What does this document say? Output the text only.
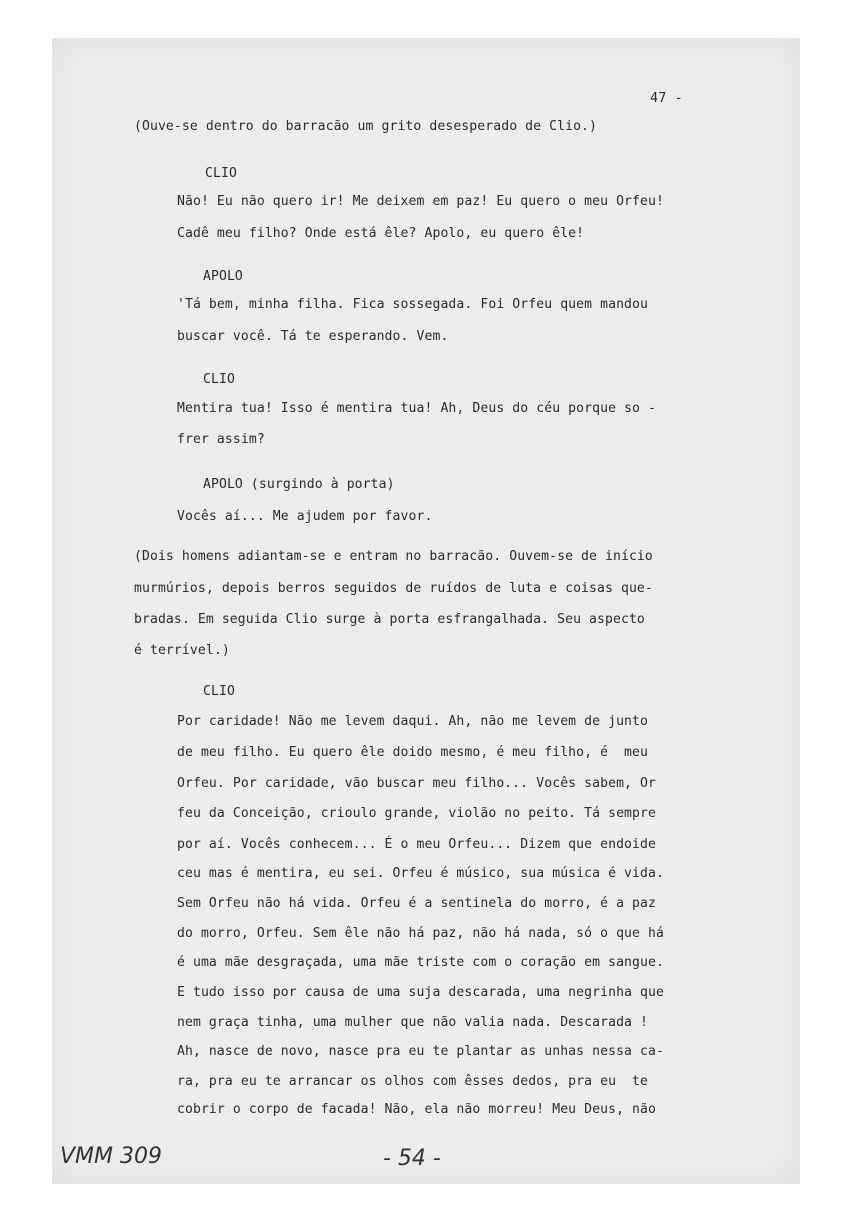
47 -
(Ouve-se dentro do barracão um grito desesperado de Clio.)
CLIO
Não! Eu não quero ir! Me deixem em paz! Eu quero o meu Orfeu!
Cadê meu filho? Onde está êle? Apolo, eu quero êle!
APOLO
'Tá bem, minha filha. Fica sossegada. Foi Orfeu quem mandou
buscar você. Tá te esperando. Vem.
CLIO
Mentira tua! Isso é mentira tua! Ah, Deus do céu porque so -
frer assim?
APOLO (surgindo à porta)
Vocês aí... Me ajudem por favor.
(Dois homens adiantam-se e entram no barracão. Ouvem-se de início
murmúrios, depois berros seguidos de ruídos de luta e coisas que-
bradas. Em seguida Clio surge à porta esfrangalhada. Seu aspecto
é terrível.)
CLIO
Por caridade! Não me levem daqui. Ah, não me levem de junto
de meu filho. Eu quero êle doido mesmo, é meu filho, é  meu
Orfeu. Por caridade, vão buscar meu filho... Vocês sabem, Or
feu da Conceição, crioulo grande, violão no peito. Tá sempre
por aí. Vocês conhecem... É o meu Orfeu... Dizem que endoide
ceu mas é mentira, eu sei. Orfeu é músico, sua música é vida.
Sem Orfeu não há vida. Orfeu é a sentinela do morro, é a paz
do morro, Orfeu. Sem êle não há paz, não há nada, só o que há
é uma mãe desgraçada, uma mãe triste com o coração em sangue.
E tudo isso por causa de uma suja descarada, uma negrinha que
nem graça tinha, uma mulher que não valia nada. Descarada !
Ah, nasce de novo, nasce pra eu te plantar as unhas nessa ca-
ra, pra eu te arrancar os olhos com êsses dedos, pra eu  te
cobrir o corpo de facada! Não, ela não morreu! Meu Deus, não
VMM 309	- 54 -
